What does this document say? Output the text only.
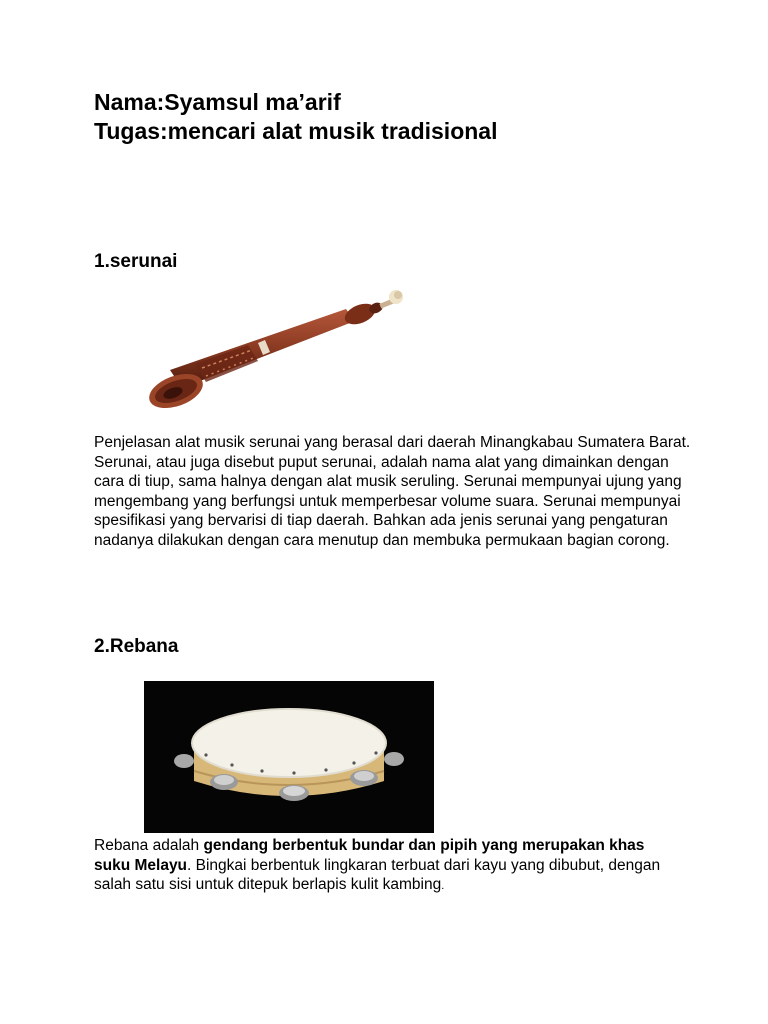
Nama:Syamsul ma’arif
Tugas:mencari alat musik tradisional
1.serunai

Penjelasan alat musik serunai yang berasal dari daerah Minangkabau Sumatera Barat. Serunai, atau juga disebut puput serunai, adalah nama alat yang dimainkan dengan cara di tiup, sama halnya dengan alat musik seruling. Serunai mempunyai ujung yang mengembang yang berfungsi untuk memperbesar volume suara. Serunai mempunyai spesifikasi yang bervarisi di tiap daerah. Bahkan ada jenis serunai yang pengaturan nadanya dilakukan dengan cara menutup dan membuka permukaan bagian corong.

2.Rebana

Rebana adalah gendang berbentuk bundar dan pipih yang merupakan khas suku Melayu. Bingkai berbentuk lingkaran terbuat dari kayu yang dibubut, dengan salah satu sisi untuk ditepuk berlapis kulit kambing.
